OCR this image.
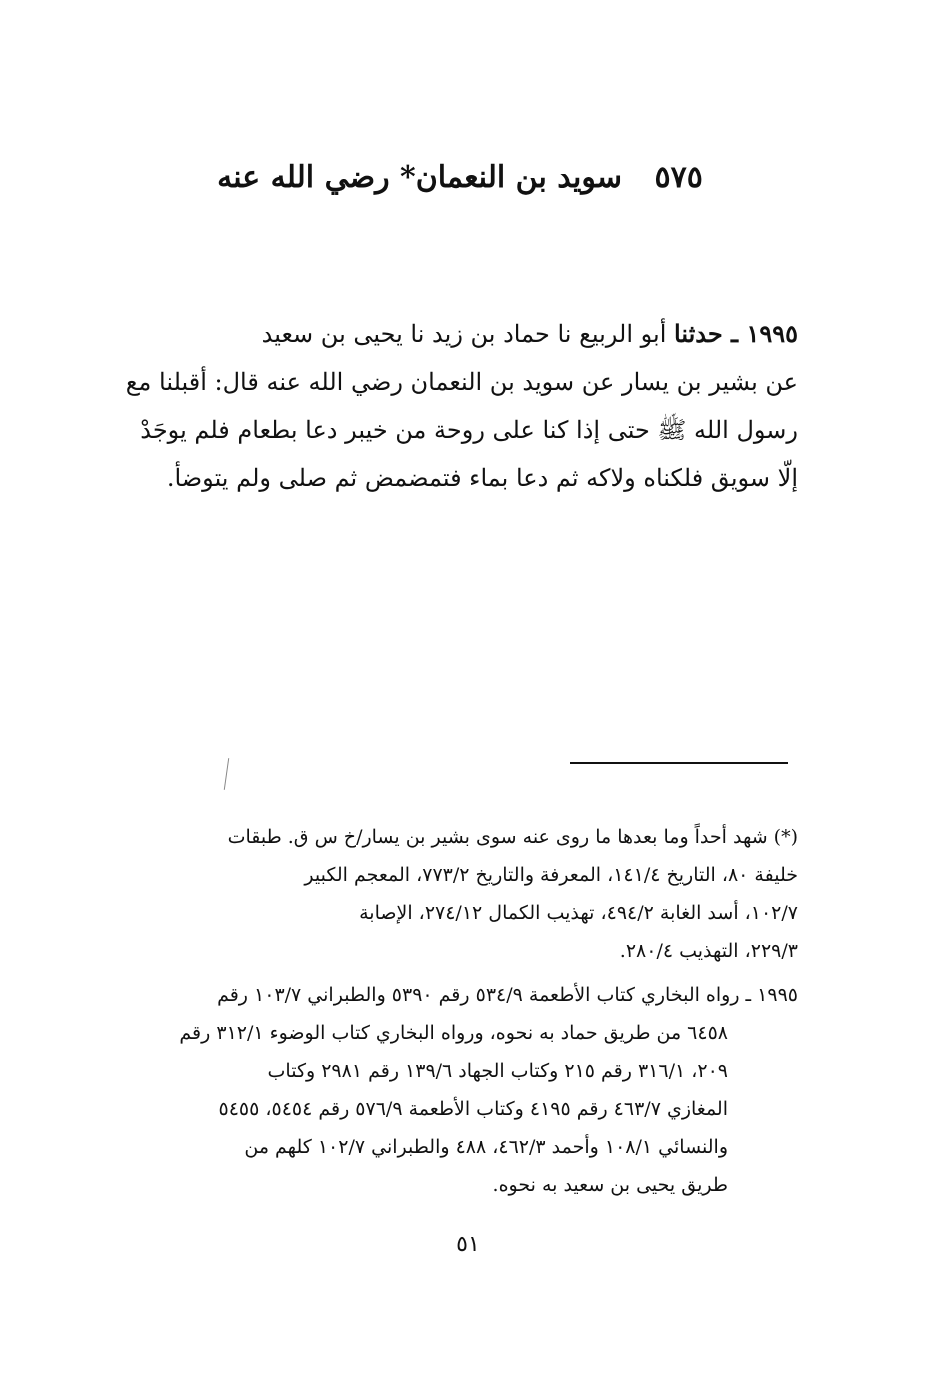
٥٧٥ سويد بن النعمان* رضي الله عنه
١٩٩٥ ـ حدثنا أبو الربيع نا حماد بن زيد نا يحيى بن سعيد
عن بشير بن يسار عن سويد بن النعمان رضي الله عنه قال: أقبلنا مع
رسول الله ﷺ حتى إذا كنا على روحة من خيبر دعا بطعام فلم يوجَدْ
إلّا سويق فلكناه ولاكه ثم دعا بماء فتمضمض ثم صلى ولم يتوضأ.
(*) شهد أحداً وما بعدها ما روى عنه سوى بشير بن يسار/خ س ق. طبقات
خليفة ٨٠، التاريخ ١٤١/٤، المعرفة والتاريخ ٧٧٣/٢، المعجم الكبير
١٠٢/٧، أسد الغابة ٤٩٤/٢، تهذيب الكمال ٢٧٤/١٢، الإصابة
٢٢٩/٣، التهذيب ٢٨٠/٤.
١٩٩٥ ـ رواه البخاري كتاب الأطعمة ٥٣٤/٩ رقم ٥٣٩٠ والطبراني ١٠٣/٧ رقم
٦٤٥٨ من طريق حماد به نحوه، ورواه البخاري كتاب الوضوء ٣١٢/١ رقم
٢٠٩، ٣١٦/١ رقم ٢١٥ وكتاب الجهاد ١٣٩/٦ رقم ٢٩٨١ وكتاب
المغازي ٤٦٣/٧ رقم ٤١٩٥ وكتاب الأطعمة ٥٧٦/٩ رقم ٥٤٥٤، ٥٤٥٥
والنسائي ١٠٨/١ وأحمد ٤٦٢/٣، ٤٨٨ والطبراني ١٠٢/٧ كلهم من
طريق يحيى بن سعيد به نحوه.
٥١
